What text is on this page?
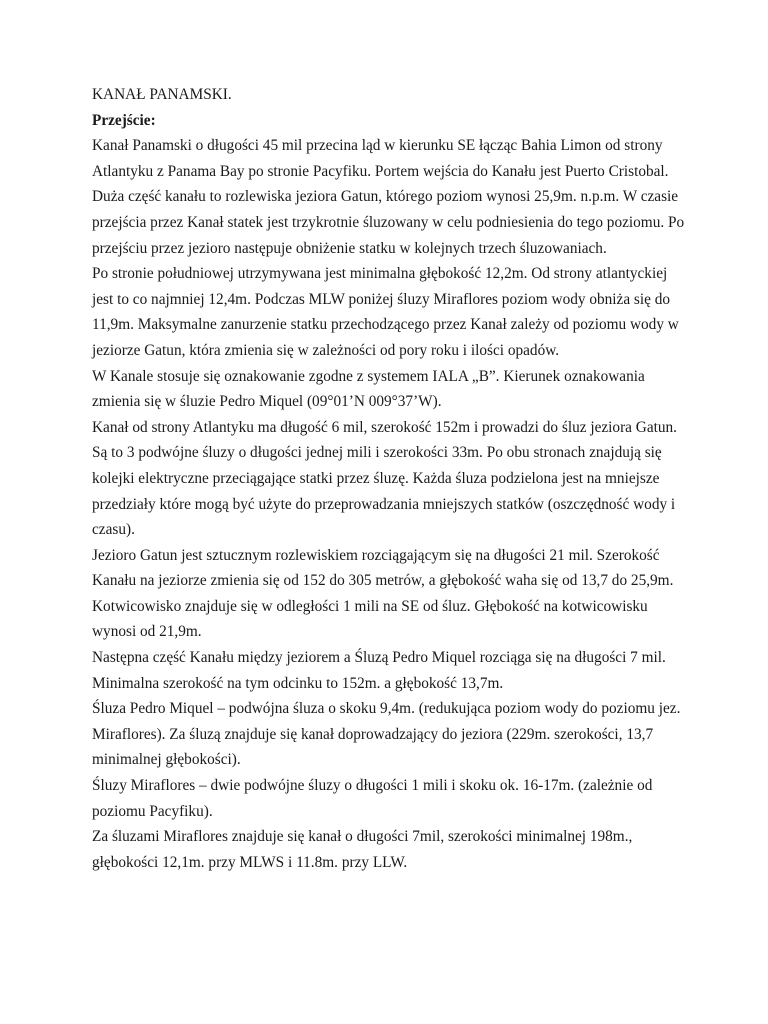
KANAŁ PANAMSKI.

Przejście:

Kanał Panamski o długości 45 mil przecina ląd w kierunku SE łącząc Bahia Limon od strony Atlantyku z Panama Bay po stronie Pacyfiku. Portem wejścia do Kanału jest Puerto Cristobal. Duża część kanału to rozlewiska jeziora Gatun, którego poziom wynosi 25,9m. n.p.m. W czasie przejścia przez Kanał statek jest trzykrotnie śluzowany w celu podniesienia do tego poziomu. Po przejściu przez jezioro następuje obniżenie statku w kolejnych trzech śluzowaniach.

Po stronie południowej utrzymywana jest minimalna głębokość 12,2m. Od strony atlantyckiej jest to co najmniej 12,4m. Podczas MLW poniżej śluzy Miraflores poziom wody obniża się do 11,9m. Maksymalne zanurzenie statku przechodzącego przez Kanał zależy od poziomu wody w jeziorze Gatun, która zmienia się w zależności od pory roku i ilości opadów.

W Kanale stosuje się oznakowanie zgodne z systemem IALA „B”. Kierunek oznakowania zmienia się w śluzie Pedro Miquel (09°01’N 009°37’W).

Kanał od strony Atlantyku ma długość 6 mil, szerokość 152m i prowadzi do śluz jeziora Gatun. Są to 3 podwójne śluzy o długości jednej mili i szerokości 33m. Po obu stronach znajdują się kolejki elektryczne przeciągające statki przez śluzę. Każda śluza podzielona jest na mniejsze przedziały które mogą być użyte do przeprowadzania mniejszych statków (oszczędność wody i czasu).

Jezioro Gatun jest sztucznym rozlewiskiem rozciągającym się na długości 21 mil. Szerokość Kanału na jeziorze zmienia się od 152 do 305 metrów, a głębokość waha się od 13,7 do 25,9m. Kotwicowisko znajduje się w odległości 1 mili na SE od śluz. Głębokość na kotwicowisku wynosi od 21,9m.

Następna część Kanału między jeziorem a Śluzą Pedro Miquel rozciąga się na długości 7 mil. Minimalna szerokość na tym odcinku to 152m. a głębokość 13,7m.

Śluza Pedro Miquel – podwójna śluza o skoku 9,4m. (redukująca poziom wody do poziomu jez. Miraflores). Za śluzą znajduje się kanał doprowadzający do jeziora (229m. szerokości, 13,7 minimalnej głębokości).

Śluzy Miraflores – dwie podwójne śluzy o długości 1 mili i skoku ok. 16-17m. (zależnie od poziomu Pacyfiku).

Za śluzami Miraflores znajduje się kanał o długości 7mil, szerokości minimalnej 198m., głębokości 12,1m. przy MLWS i 11.8m. przy LLW.
